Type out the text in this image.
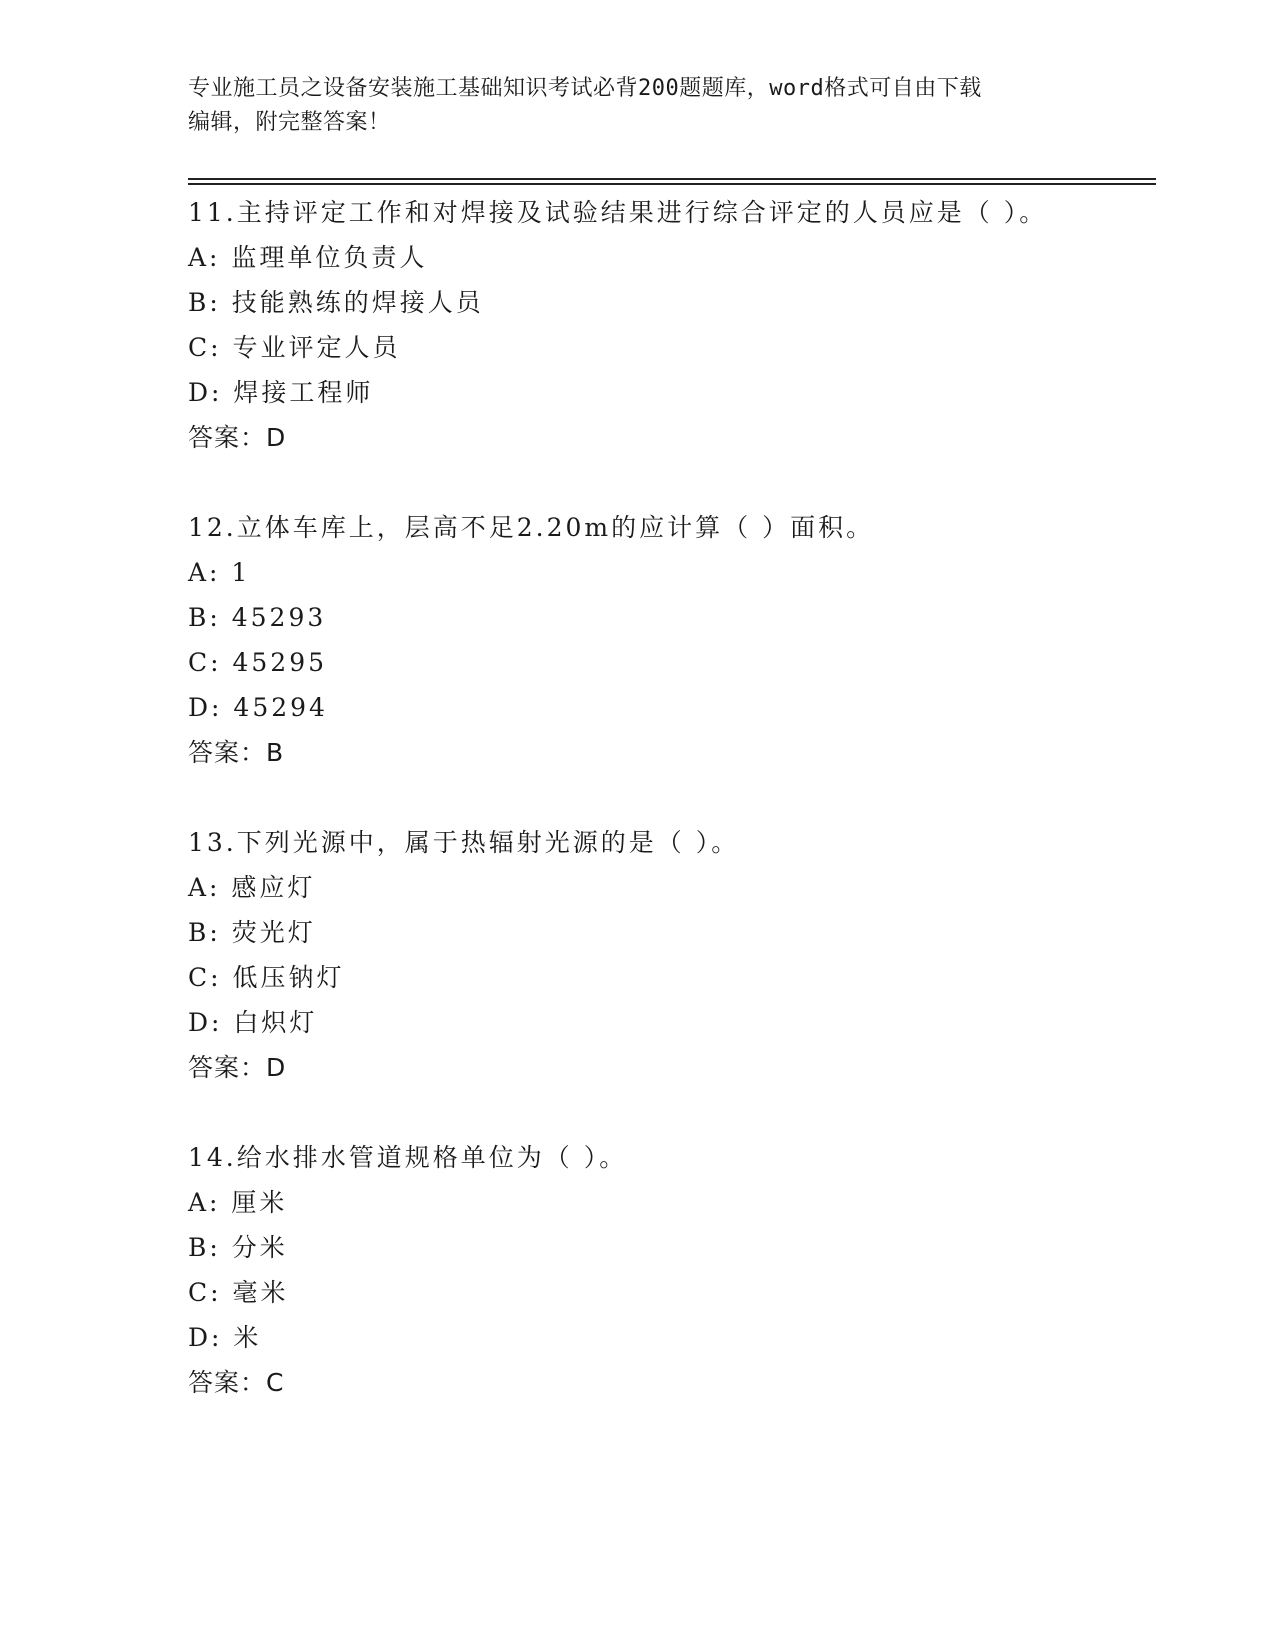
专业施工员之设备安装施工基础知识考试必背200题题库，word格式可自由下载
编辑，附完整答案！
11.主持评定工作和对焊接及试验结果进行综合评定的人员应是（ ）。
A: 监理单位负责人
B: 技能熟练的焊接人员
C: 专业评定人员
D: 焊接工程师
答案：D
12.立体车库上，层高不足2.20m的应计算（ ）面积。
A: 1
B: 45293
C: 45295
D: 45294
答案：B
13.下列光源中，属于热辐射光源的是（ ）。
A: 感应灯
B: 荧光灯
C: 低压钠灯
D: 白炽灯
答案：D
14.给水排水管道规格单位为（ ）。
A: 厘米
B: 分米
C: 毫米
D: 米
答案：C
